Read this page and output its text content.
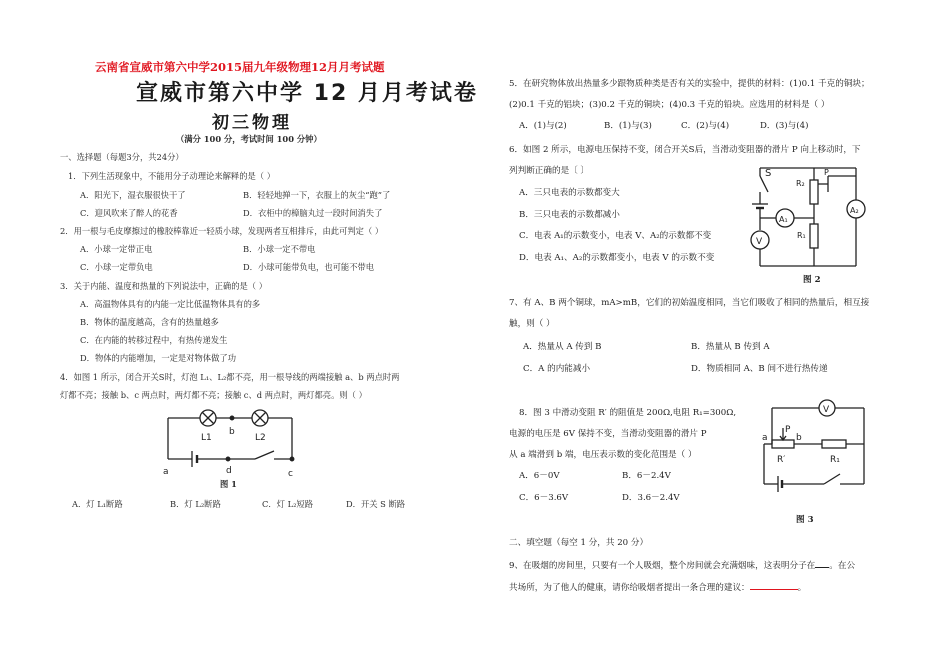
云南省宣威市第六中学2015届九年级物理12月月考试题
宣威市第六中学 12 月月考试卷
初三物理
（满分 100 分，考试时间 100 分钟）
一、选择题（每题3分，共24分）
1．下列生活现象中，不能用分子动理论来解释的是（ ）
A．阳光下，湿衣服很快干了	B．轻轻地掸一下，衣服上的灰尘“跑”了
C．迎风吹来了醉人的花香	D．衣柜中的樟脑丸过一段时间消失了
2．用一根与毛皮摩擦过的橡胶棒靠近一轻质小球，发现两者互相排斥，由此可判定（ ）
A．小球一定带正电	B．小球一定不带电
C．小球一定带负电	D．小球可能带负电，也可能不带电
3．关于内能、温度和热量的下列说法中，正确的是（ ）
A．高温物体具有的内能一定比低温物体具有的多
B．物体的温度越高，含有的热量越多
C．在内能的转移过程中，有热传递发生
D．物体的内能增加，一定是对物体做了功
4．如图 1 所示，闭合开关S时，灯泡 L₁、L₂都不亮，用一根导线的两端接触 a、b 两点时两
灯都不亮；接触 b、c 两点时，两灯都不亮；接触 c、d 两点时，两灯都亮。则（ ）
L1	L2
b
a	d	c
图 1
A．灯 L₁断路	B．灯 L₂断路	C．灯 L₂短路	D．开关 S 断路
5．在研究物体放出热量多少跟物质种类是否有关的实验中，提供的材料：(1)0.1 千克的铜块；
(2)0.1 千克的铝块；(3)0.2 千克的铜块；(4)0.3 千克的铅块。应选用的材料是（ ）
A．(1)与(2)	B．(1)与(3)	C．(2)与(4)	D．(3)与(4)
6．如图 2 所示，电源电压保持不变，闭合开关S后，当滑动变阻器的滑片 P 向上移动时，下
列判断正确的是〔 〕
A．三只电表的示数都变大
B．三只电表的示数都减小
C．电表 A₁的示数变小，电表 V、A₂的示数都不变
D．电表 A₁、A₂的示数都变小，电表 V 的示数不变
S
R₂
P
A₁
A₂
V
R₁
图 2
7、有 A、B 两个铜球，mA>mB，它们的初始温度相同，当它们吸收了相同的热量后，相互接
触，则（ ）
A．热量从 A 传到 B	B．热量从 B 传到 A
C．A 的内能减小	D．物质相同 A、B 间不进行热传递
8．图 3 中滑动变阻 R′ 的阻值是 200Ω,电阻 R₁=300Ω,
电源的电压是 6V 保持不变，当滑动变阻器的滑片 P
从 a 端滑到 b 端，电压表示数的变化范围是（ ）
A．6－0V	B．6－2.4V
C．6－3.6V	D．3.6－2.4V
V
a
P
b
R′	R₁
图 3
二、填空题（每空 1 分，共 20 分）
9、在吸烟的房间里，只要有一个人吸烟，整个房间就会充满烟味，这表明分子在 。在公
共场所，为了他人的健康，请你给吸烟者提出一条合理的建议：	。
